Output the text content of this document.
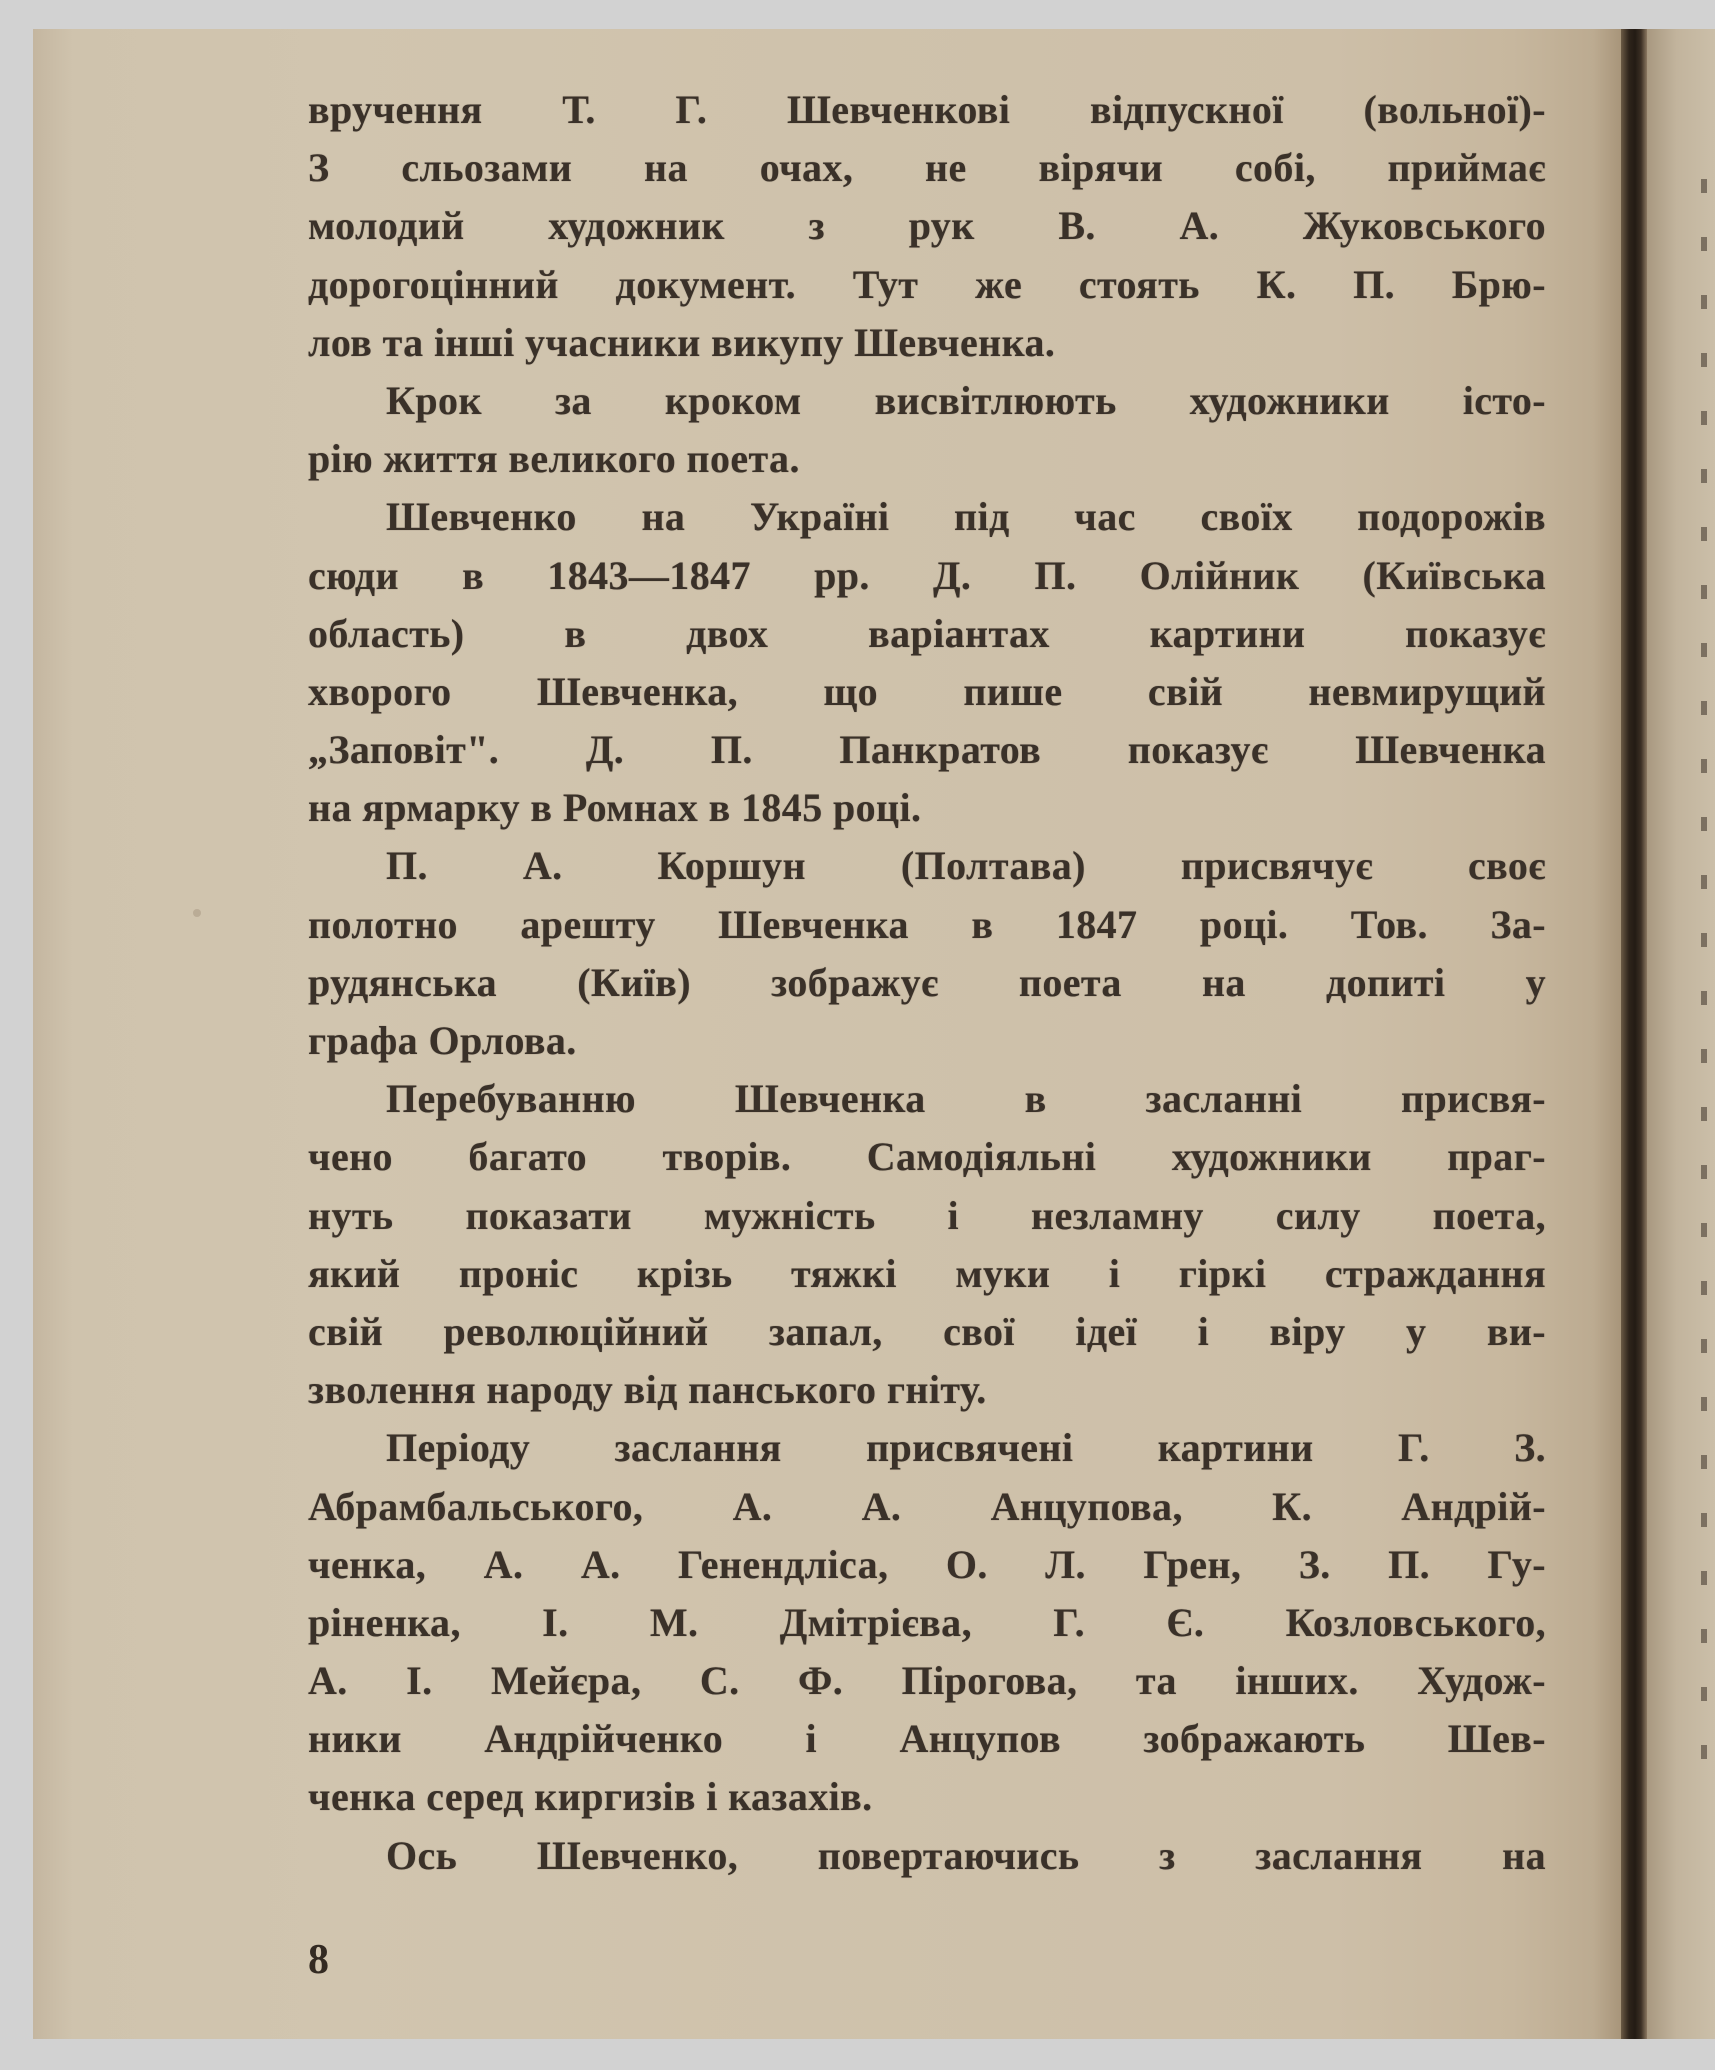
вручення Т. Г. Шевченкові відпускної (вольної)-
З сльозами на очах, не вірячи собі, приймає
молодий художник з рук В. А. Жуковського
дорогоцінний документ. Тут же стоять К. П. Брю-
лов та інші учасники викупу Шевченка.
Крок за кроком висвітлюють художники істо-
рію життя великого поета.
Шевченко на Україні під час своїх подорожів
сюди в 1843—1847 рр. Д. П. Олійник (Київська
область) в двох варіантах картини показує
хворого Шевченка, що пише свій невмирущий
„Заповіт". Д. П. Панкратов показує Шевченка
на ярмарку в Ромнах в 1845 році.
П. А. Коршун (Полтава) присвячує своє
полотно арешту Шевченка в 1847 році. Тов. За-
рудянська (Київ) зображує поета на допиті у
графа Орлова.
Перебуванню Шевченка в засланні присвя-
чено багато творів. Самодіяльні художники праг-
нуть показати мужність і незламну силу поета,
який проніс крізь тяжкі муки і гіркі страждання
свій революційний запал, свої ідеї і віру у ви-
зволення народу від панського гніту.
Періоду заслання присвячені картини Г. З.
Абрамбальського, А. А. Анцупова, К. Андрій-
ченка, А. А. Генендліса, О. Л. Грен, З. П. Гу-
ріненка, І. М. Дмітрієва, Г. Є. Козловського,
А. І. Мейєра, С. Ф. Пірогова, та інших. Худож-
ники Андрійченко і Анцупов зображають Шев-
ченка серед киргизів і казахів.
Ось Шевченко, повертаючись з заслання на
8
